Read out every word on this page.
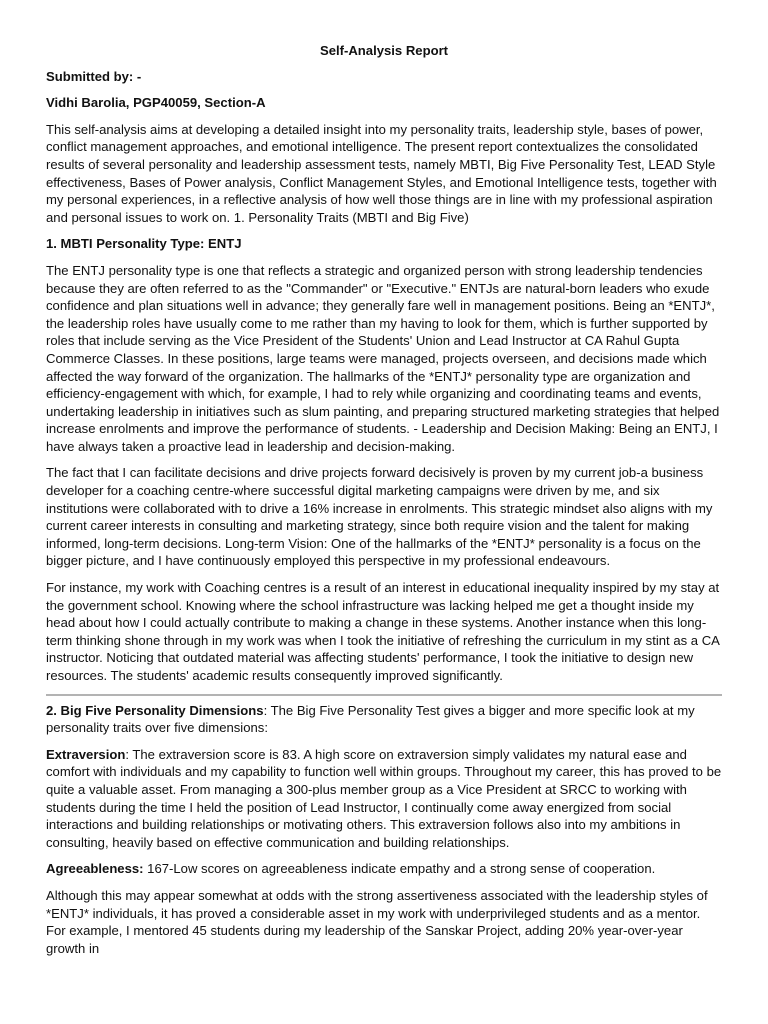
Self-Analysis Report

Submitted by: -

Vidhi Barolia, PGP40059, Section-A

This self-analysis aims at developing a detailed insight into my personality traits, leadership style, bases of power, conflict management approaches, and emotional intelligence. The present report contextualizes the consolidated results of several personality and leadership assessment tests, namely MBTI, Big Five Personality Test, LEAD Style effectiveness, Bases of Power analysis, Conflict Management Styles, and Emotional Intelligence tests, together with my personal experiences, in a reflective analysis of how well those things are in line with my professional aspiration and personal issues to work on. 1. Personality Traits (MBTI and Big Five)

1. MBTI Personality Type: ENTJ

The ENTJ personality type is one that reflects a strategic and organized person with strong leadership tendencies because they are often referred to as the "Commander" or "Executive." ENTJs are natural-born leaders who exude confidence and plan situations well in advance; they generally fare well in management positions. Being an *ENTJ*, the leadership roles have usually come to me rather than my having to look for them, which is further supported by roles that include serving as the Vice President of the Students' Union and Lead Instructor at CA Rahul Gupta Commerce Classes. In these positions, large teams were managed, projects overseen, and decisions made which affected the way forward of the organization. The hallmarks of the *ENTJ* personality type are organization and efficiency-engagement with which, for example, I had to rely while organizing and coordinating teams and events, undertaking leadership in initiatives such as slum painting, and preparing structured marketing strategies that helped increase enrolments and improve the performance of students. - Leadership and Decision Making: Being an ENTJ, I have always taken a proactive lead in leadership and decision-making.

The fact that I can facilitate decisions and drive projects forward decisively is proven by my current job-a business developer for a coaching centre-where successful digital marketing campaigns were driven by me, and six institutions were collaborated with to drive a 16% increase in enrolments. This strategic mindset also aligns with my current career interests in consulting and marketing strategy, since both require vision and the talent for making informed, long-term decisions. Long-term Vision: One of the hallmarks of the *ENTJ* personality is a focus on the bigger picture, and I have continuously employed this perspective in my professional endeavours.

For instance, my work with Coaching centres is a result of an interest in educational inequality inspired by my stay at the government school. Knowing where the school infrastructure was lacking helped me get a thought inside my head about how I could actually contribute to making a change in these systems. Another instance when this long-term thinking shone through in my work was when I took the initiative of refreshing the curriculum in my stint as a CA instructor. Noticing that outdated material was affecting students' performance, I took the initiative to design new resources. The students' academic results consequently improved significantly.

2. Big Five Personality Dimensions: The Big Five Personality Test gives a bigger and more specific look at my personality traits over five dimensions:

Extraversion: The extraversion score is 83. A high score on extraversion simply validates my natural ease and comfort with individuals and my capability to function well within groups. Throughout my career, this has proved to be quite a valuable asset. From managing a 300-plus member group as a Vice President at SRCC to working with students during the time I held the position of Lead Instructor, I continually come away energized from social interactions and building relationships or motivating others. This extraversion follows also into my ambitions in consulting, heavily based on effective communication and building relationships.

Agreeableness: 167-Low scores on agreeableness indicate empathy and a strong sense of cooperation.

Although this may appear somewhat at odds with the strong assertiveness associated with the leadership styles of *ENTJ* individuals, it has proved a considerable asset in my work with underprivileged students and as a mentor. For example, I mentored 45 students during my leadership of the Sanskar Project, adding 20% year-over-year growth in
